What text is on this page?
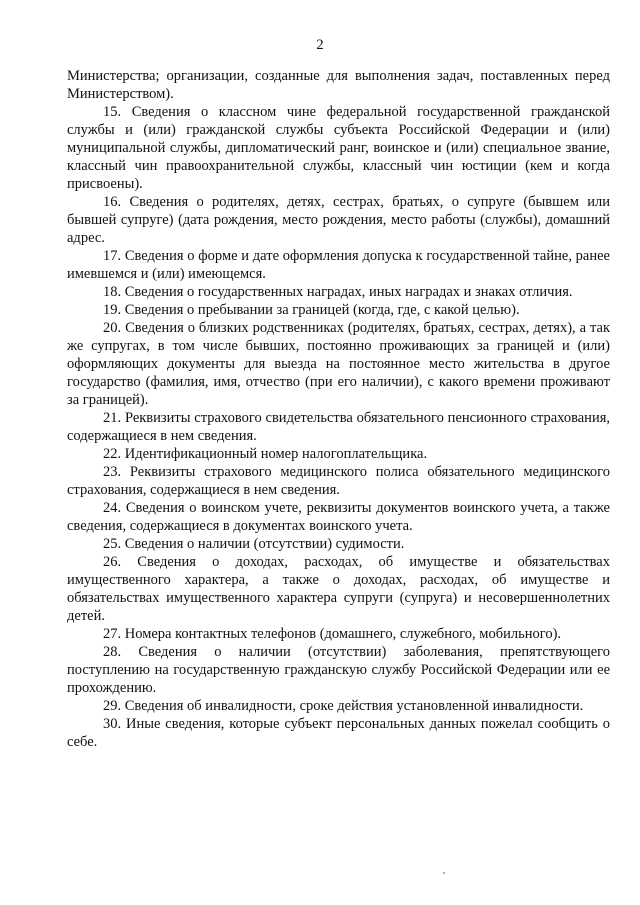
2

Министерства; организации, созданные для выполнения задач, поставленных перед Министерством).

15. Сведения о классном чине федеральной государственной гражданской службы и (или) гражданской службы субъекта Российской Федерации и (или) муниципальной службы, дипломатический ранг, воинское и (или) специальное звание, классный чин правоохранительной службы, классный чин юстиции (кем и когда присвоены).

16. Сведения о родителях, детях, сестрах, братьях, о супруге (бывшем или бывшей супруге) (дата рождения, место рождения, место работы (службы), домашний адрес.

17. Сведения о форме и дате оформления допуска к государственной тайне, ранее имевшемся и (или) имеющемся.

18. Сведения о государственных наградах, иных наградах и знаках отличия.

19. Сведения о пребывании за границей (когда, где, с какой целью).

20. Сведения о близких родственниках (родителях, братьях, сестрах, детях), а так же супругах, в том числе бывших, постоянно проживающих за границей и (или) оформляющих документы для выезда на постоянное место жительства в другое государство (фамилия, имя, отчество (при его наличии), с какого времени проживают за границей).

21. Реквизиты страхового свидетельства обязательного пенсионного страхования, содержащиеся в нем сведения.

22. Идентификационный номер налогоплательщика.

23. Реквизиты страхового медицинского полиса обязательного медицинского страхования, содержащиеся в нем сведения.

24. Сведения о воинском учете, реквизиты документов воинского учета, а также сведения, содержащиеся в документах воинского учета.

25. Сведения о наличии (отсутствии) судимости.

26. Сведения о доходах, расходах, об имуществе и обязательствах имущественного характера, а также о доходах, расходах, об имуществе и обязательствах имущественного характера супруги (супруга) и несовершеннолетних детей.

27. Номера контактных телефонов (домашнего, служебного, мобильного).

28. Сведения о наличии (отсутствии) заболевания, препятствующего поступлению на государственную гражданскую службу Российской Федерации или ее прохождению.

29. Сведения об инвалидности, сроке действия установленной инвалидности.

30. Иные сведения, которые субъект персональных данных пожелал сообщить о себе.
